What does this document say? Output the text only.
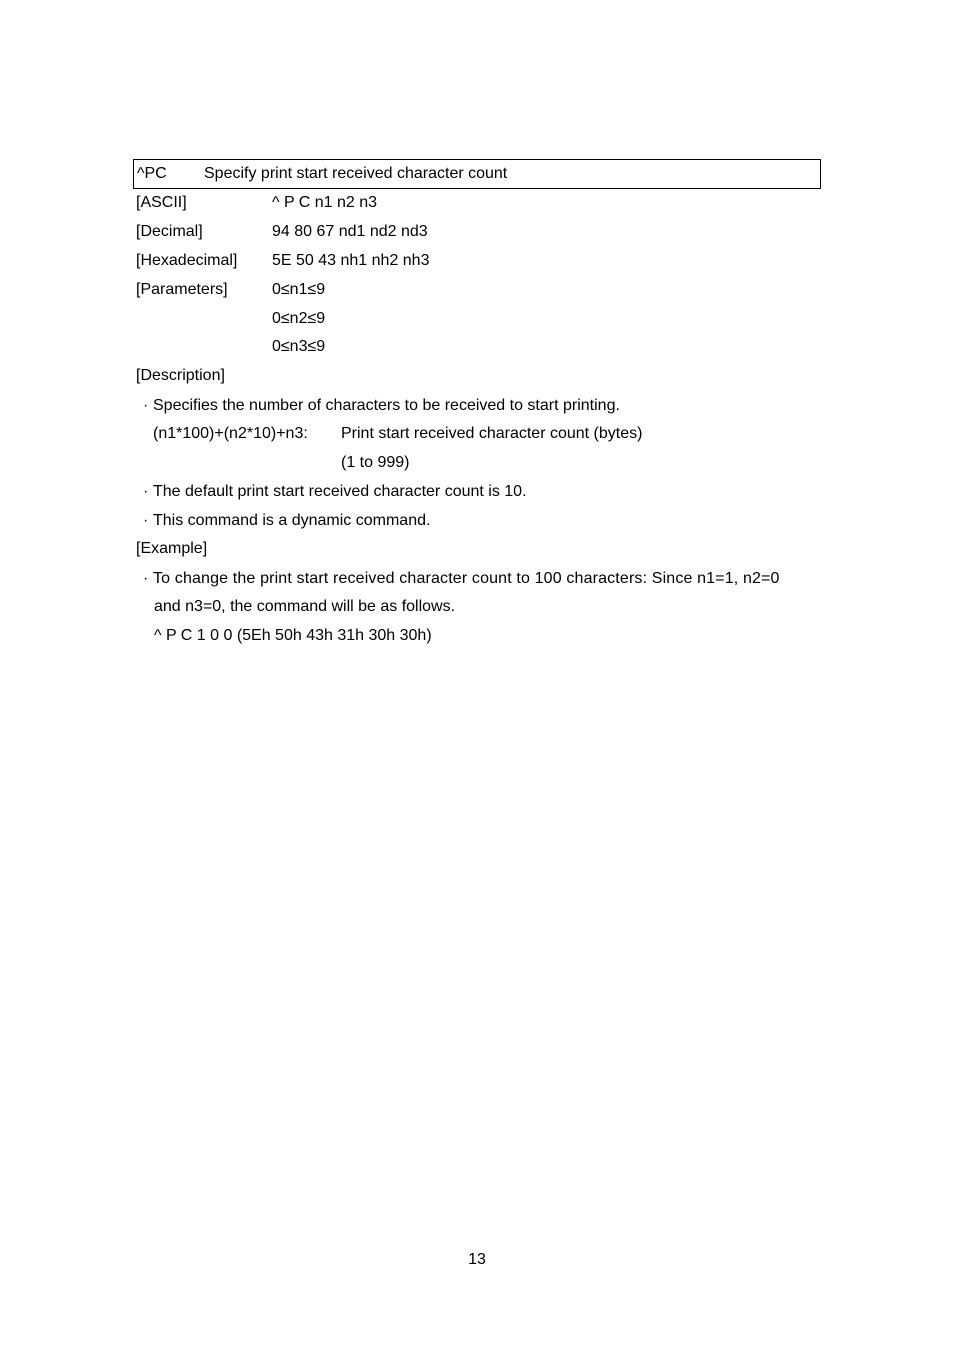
^PC Specify print start received character count
[ASCII]	^ P C n1 n2 n3
[Decimal]	94 80 67 nd1 nd2 nd3
[Hexadecimal] 5E 50 43 nh1 nh2 nh3
[Parameters]	0≤n1≤9
0≤n2≤9
0≤n3≤9
[Description]
· Specifies the number of characters to be received to start printing.
(n1*100)+(n2*10)+n3: Print start received character count (bytes)
(1 to 999)
· The default print start received character count is 10.
· This command is a dynamic command.
[Example]
· To change the print start received character count to 100 characters: Since n1=1, n2=0
and n3=0, the command will be as follows.
^ P C 1 0 0 (5Eh 50h 43h 31h 30h 30h)
13
